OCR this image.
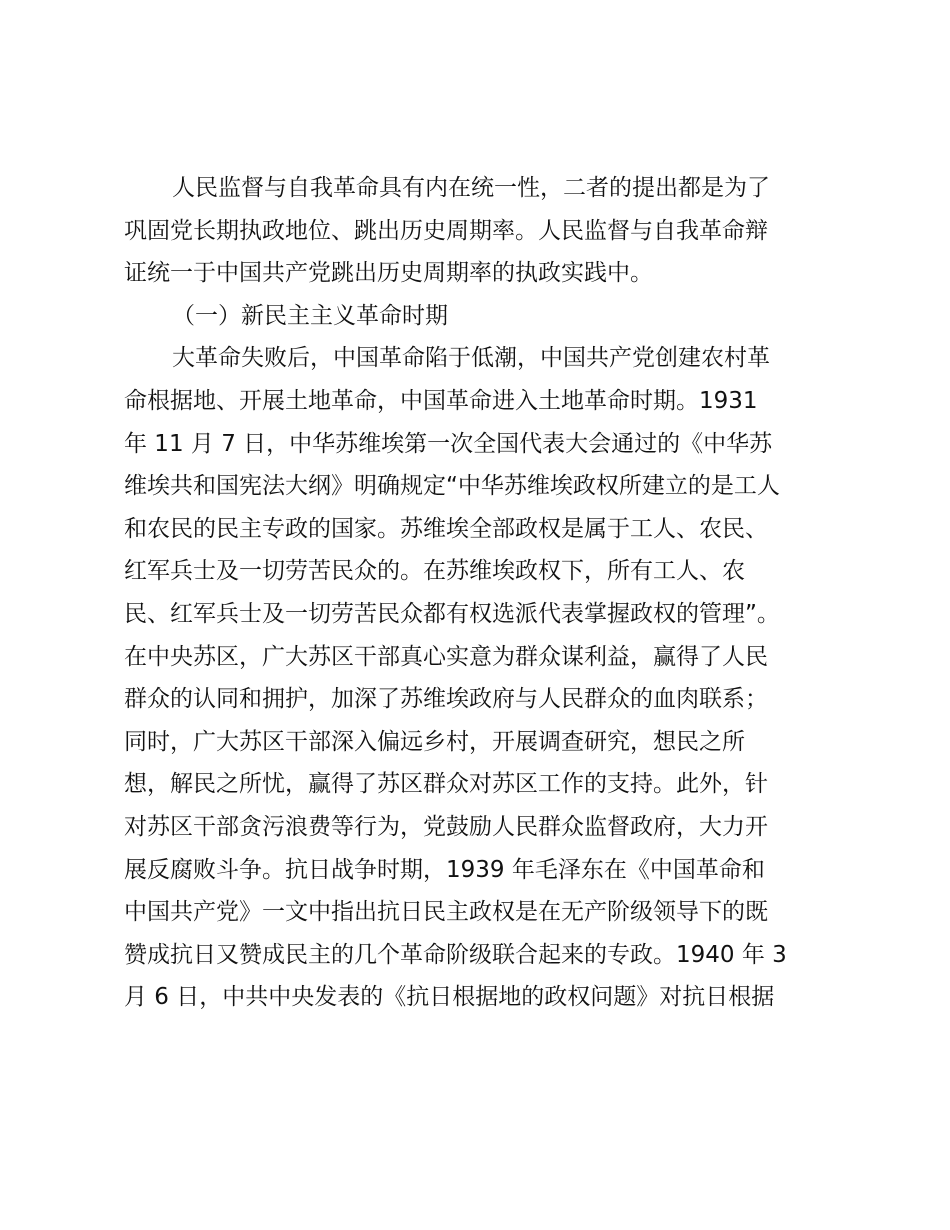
人民监督与自我革命具有内在统一性，二者的提出都是为了
巩固党长期执政地位、跳出历史周期率。人民监督与自我革命辩
证统一于中国共产党跳出历史周期率的执政实践中。
（一）新民主主义革命时期
大革命失败后，中国革命陷于低潮，中国共产党创建农村革
命根据地、开展土地革命，中国革命进入土地革命时期。1931
年 11 月 7 日，中华苏维埃第一次全国代表大会通过的《中华苏
维埃共和国宪法大纲》明确规定“中华苏维埃政权所建立的是工人
和农民的民主专政的国家。苏维埃全部政权是属于工人、农民、
红军兵士及一切劳苦民众的。在苏维埃政权下，所有工人、农
民、红军兵士及一切劳苦民众都有权选派代表掌握政权的管理”。
在中央苏区，广大苏区干部真心实意为群众谋利益，赢得了人民
群众的认同和拥护，加深了苏维埃政府与人民群众的血肉联系；
同时，广大苏区干部深入偏远乡村，开展调查研究，想民之所
想，解民之所忧，赢得了苏区群众对苏区工作的支持。此外，针
对苏区干部贪污浪费等行为，党鼓励人民群众监督政府，大力开
展反腐败斗争。抗日战争时期，1939 年毛泽东在《中国革命和
中国共产党》一文中指出抗日民主政权是在无产阶级领导下的既
赞成抗日又赞成民主的几个革命阶级联合起来的专政。1940 年 3
月 6 日，中共中央发表的《抗日根据地的政权问题》对抗日根据
